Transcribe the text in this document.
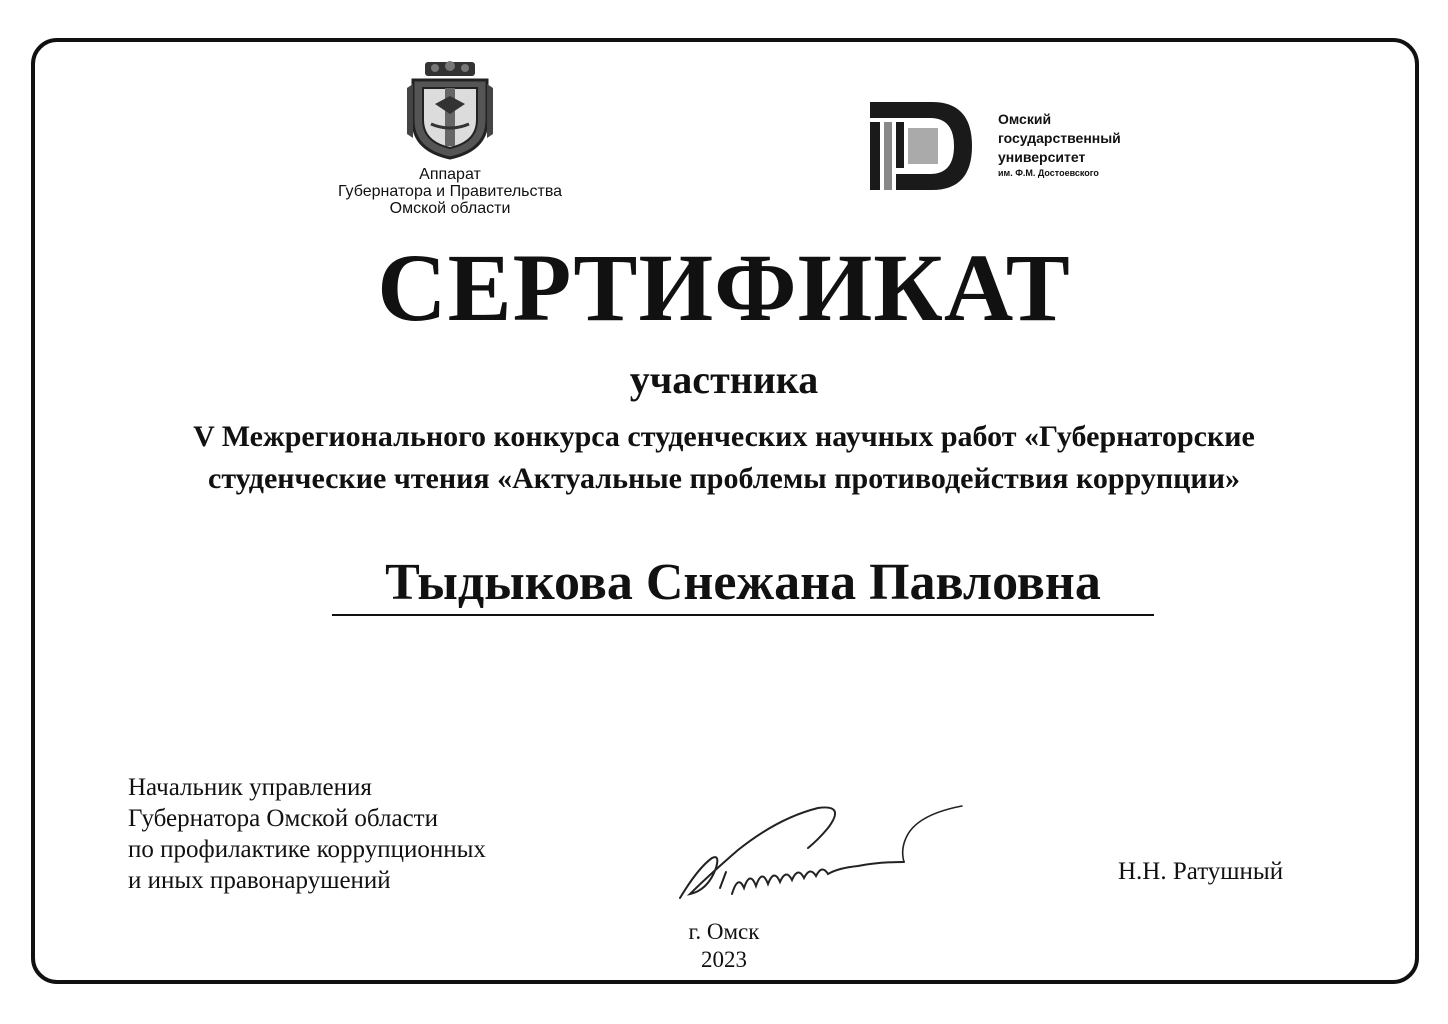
Аппарат
Губернатора и Правительства
Омской области
Омский
государственный
университет
им. Ф.М. Достоевского
СЕРТИФИКАТ
участника
V Межрегионального конкурса студенческих научных работ «Губернаторские
студенческие чтения «Актуальные проблемы противодействия коррупции»
Тыдыкова Снежана Павловна
Начальник управления
Губернатора Омской области
по профилактике коррупционных
и иных правонарушений	Н.Н. Ратушный
г. Омск
2023
